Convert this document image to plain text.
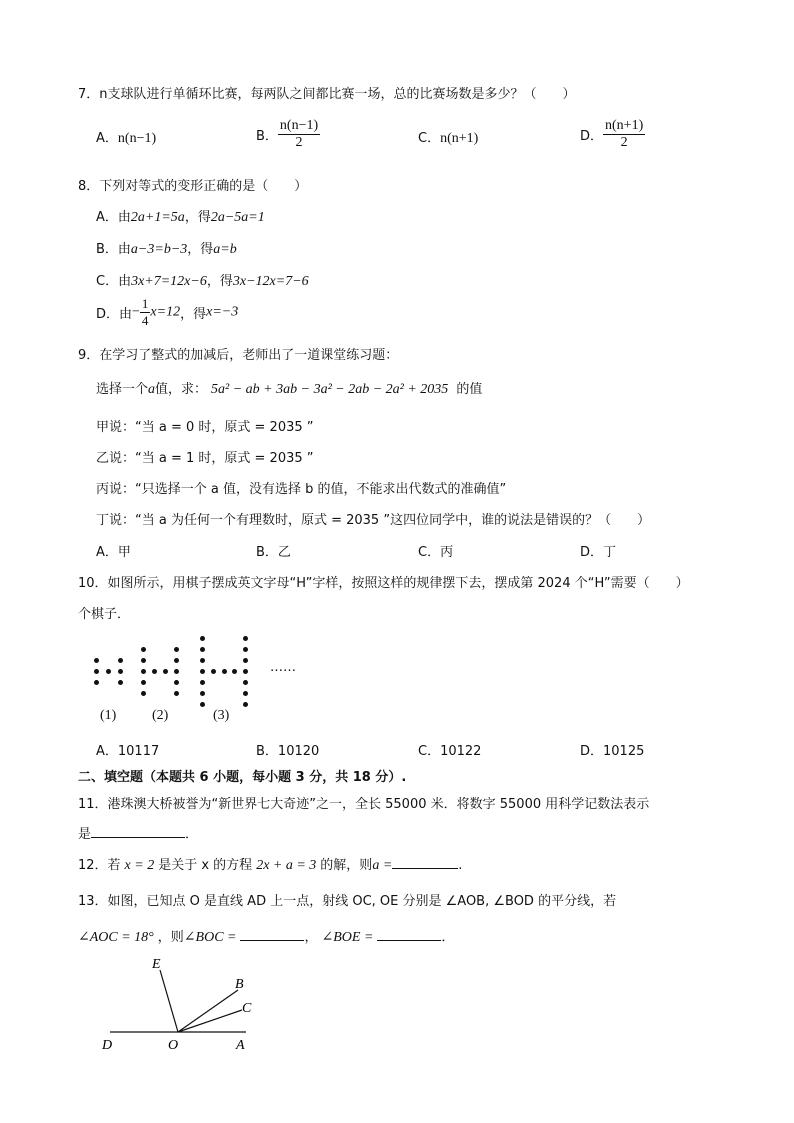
7．n支球队进行单循环比赛，每两队之间都比赛一场，总的比赛场数是多少？（　　）
A．n(n−1)	B． $\frac{n(n-1)}{2}$	C．n(n+1)	D． $\frac{n(n+1)}{2}$
8．下列对等式的变形正确的是（　　）
A．由2a+1=5a，得2a−5a=1
B．由a−3=b−3，得a=b
C．由3x+7=12x−6，得3x−12x=7−6
D．由− $\frac{1}{4} x=12$，得x=−3
9．在学习了整式的加减后，老师出了一道课堂练习题：
选择一个a值，求： 5a² − ab + 3ab − 3a² − 2ab − 2a² + 2035 的值
甲说：“当 a = 0 时，原式 = 2035 ”
乙说：“当 a = 1 时，原式 = 2035 ”
丙说：“只选择一个 a 值，没有选择 b 的值，不能求出代数式的准确值”
丁说：“当 a 为任何一个有理数时，原式 = 2035 ”这四位同学中，谁的说法是错误的？（　　）
A．甲	B．乙	C．丙	D．丁
10．如图所示，用棋子摆成英文字母“H”字样，按照这样的规律摆下去，摆成第 2024 个“H”需要（　　）
个棋子．
……
(1)	(2)	(3)
A．10117	B．10120	C．10122	D．10125
二、填空题（本题共 6 小题，每小题 3 分，共 18 分）.
11．港珠澳大桥被誉为“新世界七大奇迹”之一，全长 55000 米．将数字 55000 用科学记数法表示
是	．
12．若 x = 2 是关于 x 的方程 2x + a = 3 的解，则a =	.
13．如图，已知点 O 是直线 AD 上一点，射线 OC, OE 分别是 ∠AOB, ∠BOD 的平分线，若
∠AOC = 18° ，则∠BOC =	， ∠BOE =	．
E
B
C
D	O	A
